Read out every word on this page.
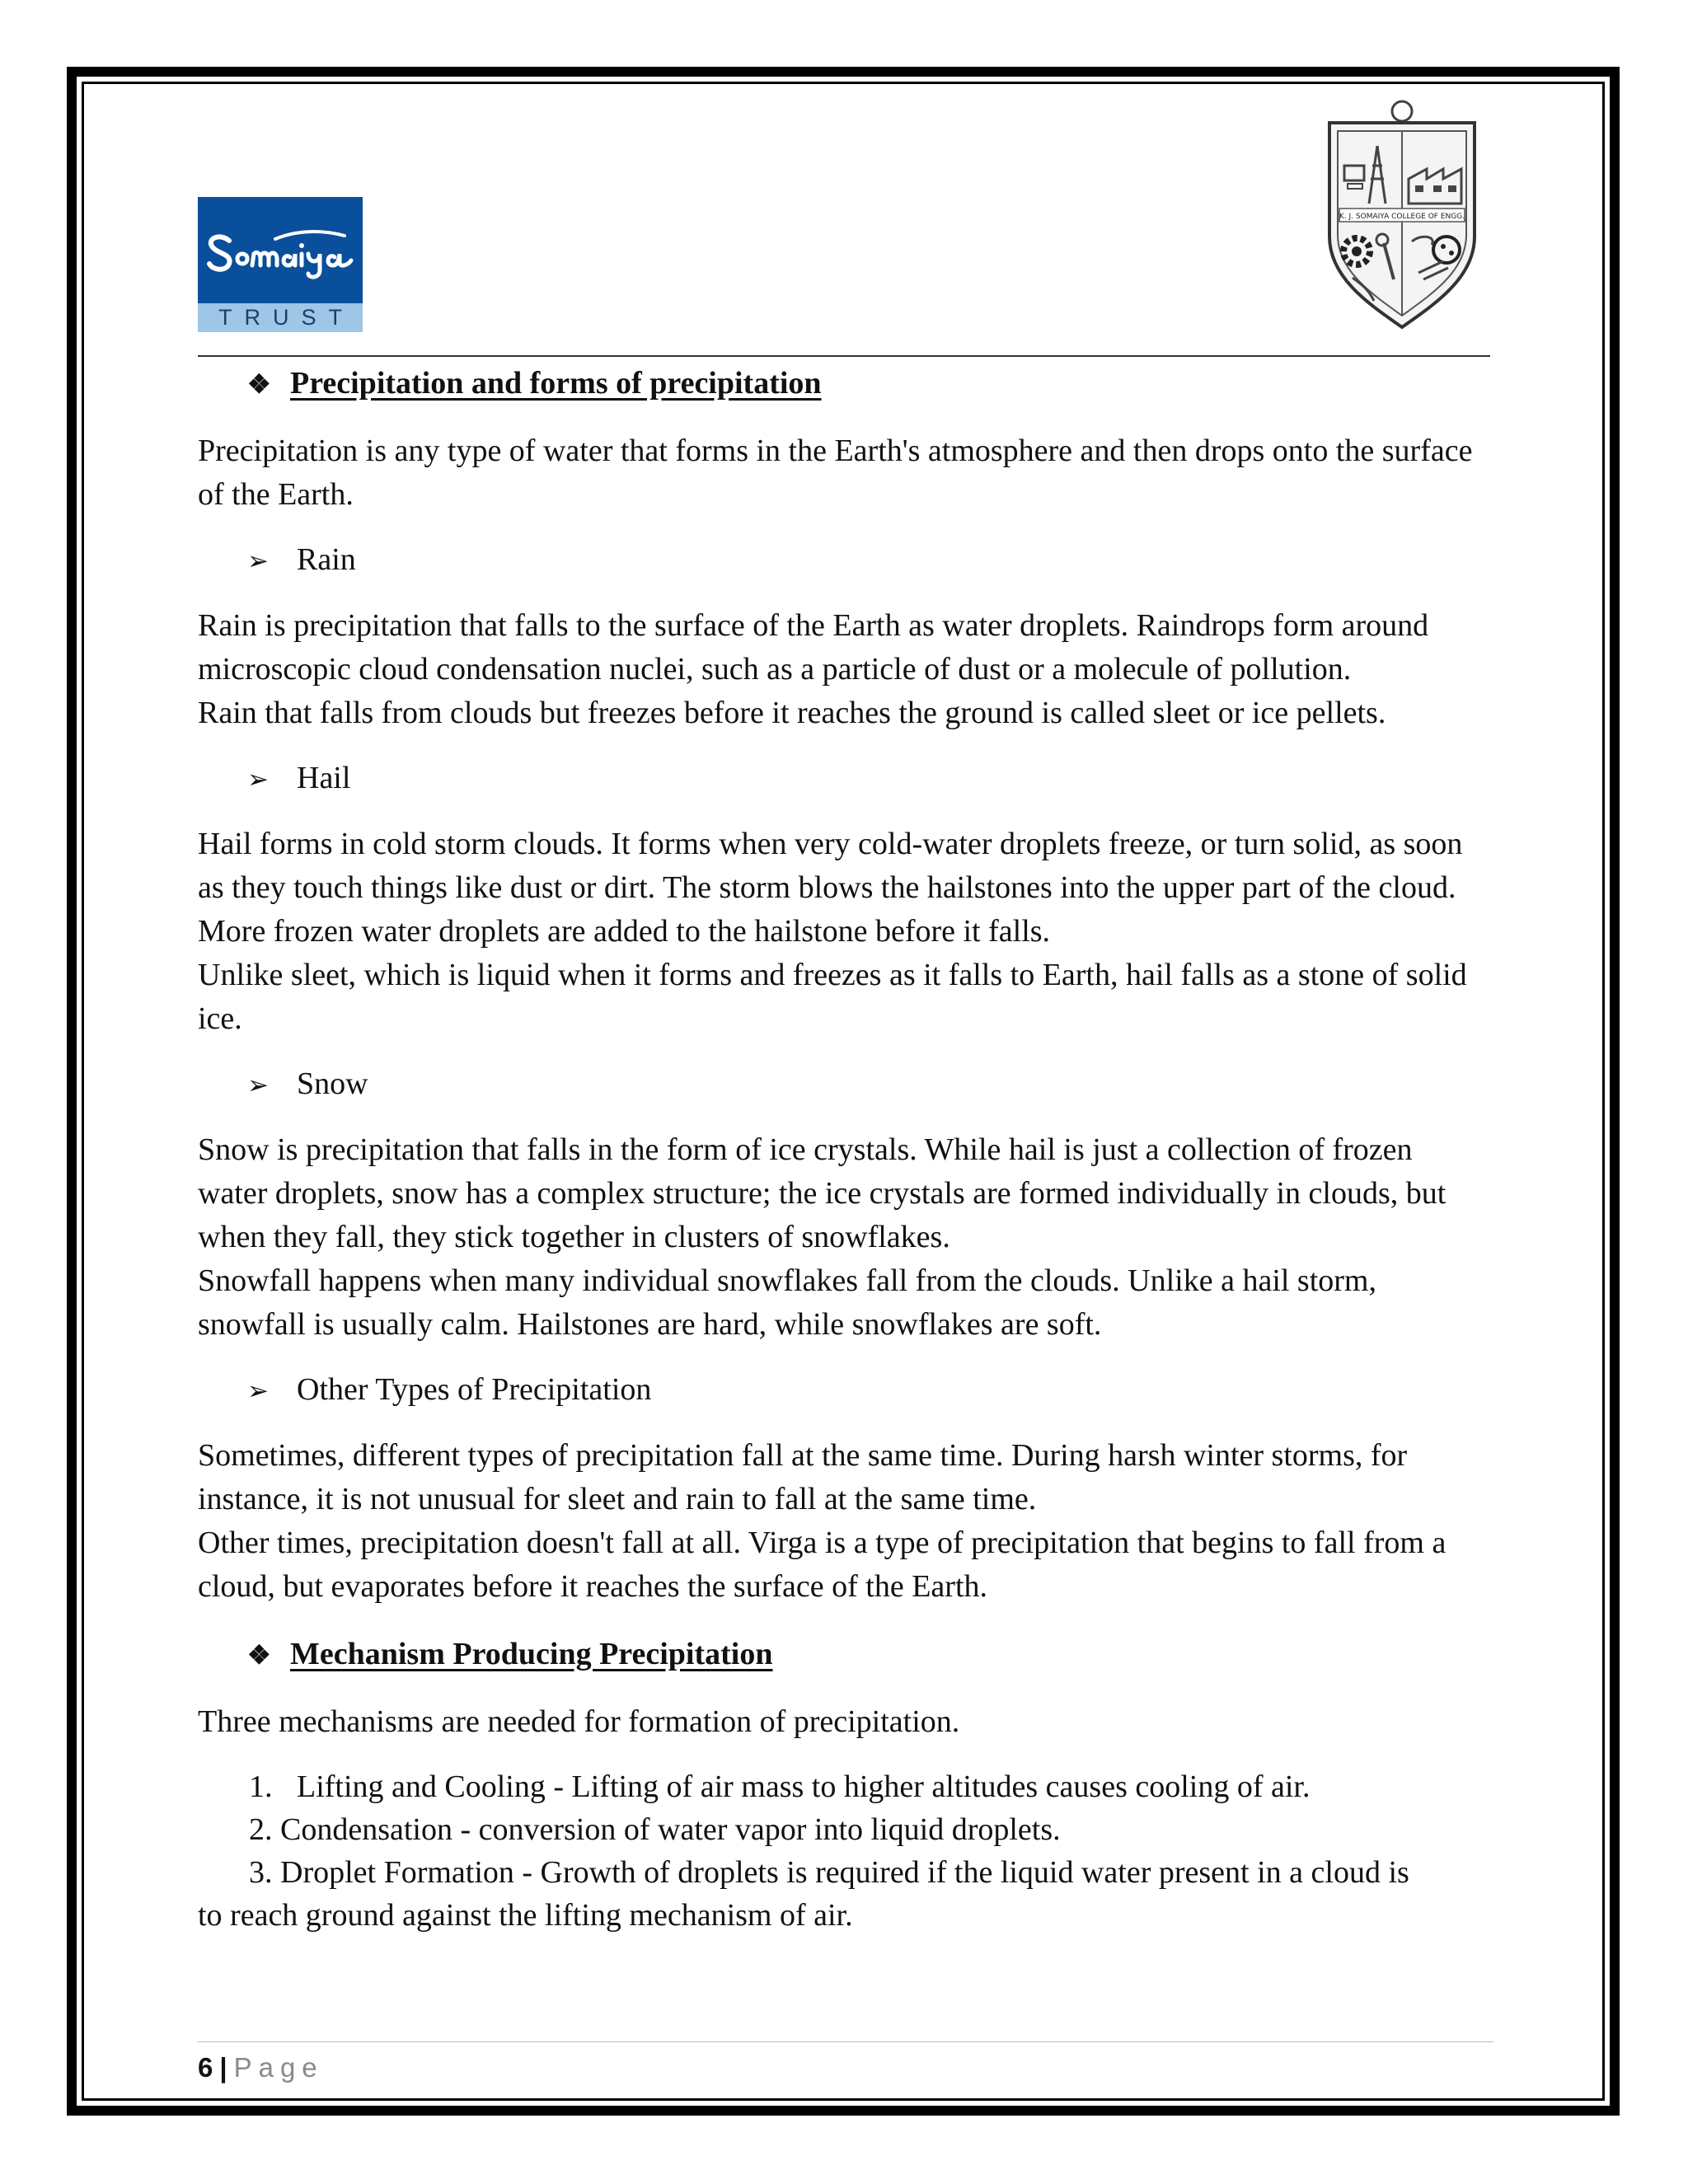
TRUST
K. J. SOMAIYA COLLEGE OF ENGG.
❖ Precipitation and forms of precipitation

Precipitation is any type of water that forms in the Earth's atmosphere and then drops onto the surface of the Earth.

➢ Rain

Rain is precipitation that falls to the surface of the Earth as water droplets. Raindrops form around microscopic cloud condensation nuclei, such as a particle of dust or a molecule of pollution.

Rain that falls from clouds but freezes before it reaches the ground is called sleet or ice pellets.

➢ Hail

Hail forms in cold storm clouds. It forms when very cold-water droplets freeze, or turn solid, as soon as they touch things like dust or dirt. The storm blows the hailstones into the upper part of the cloud. More frozen water droplets are added to the hailstone before it falls.

Unlike sleet, which is liquid when it forms and freezes as it falls to Earth, hail falls as a stone of solid ice.

➢ Snow

Snow is precipitation that falls in the form of ice crystals. While hail is just a collection of frozen water droplets, snow has a complex structure; the ice crystals are formed individually in clouds, but when they fall, they stick together in clusters of snowflakes.

Snowfall happens when many individual snowflakes fall from the clouds. Unlike a hail storm, snowfall is usually calm. Hailstones are hard, while snowflakes are soft.

➢ Other Types of Precipitation

Sometimes, different types of precipitation fall at the same time. During harsh winter storms, for instance, it is not unusual for sleet and rain to fall at the same time.

Other times, precipitation doesn't fall at all. Virga is a type of precipitation that begins to fall from a cloud, but evaporates before it reaches the surface of the Earth.

❖ Mechanism Producing Precipitation

Three mechanisms are needed for formation of precipitation.

1. Lifting and Cooling - Lifting of air mass to higher altitudes causes cooling of air.

2. Condensation - conversion of water vapor into liquid droplets.

3. Droplet Formation - Growth of droplets is required if the liquid water present in a cloud is

to reach ground against the lifting mechanism of air.

6 | Page
